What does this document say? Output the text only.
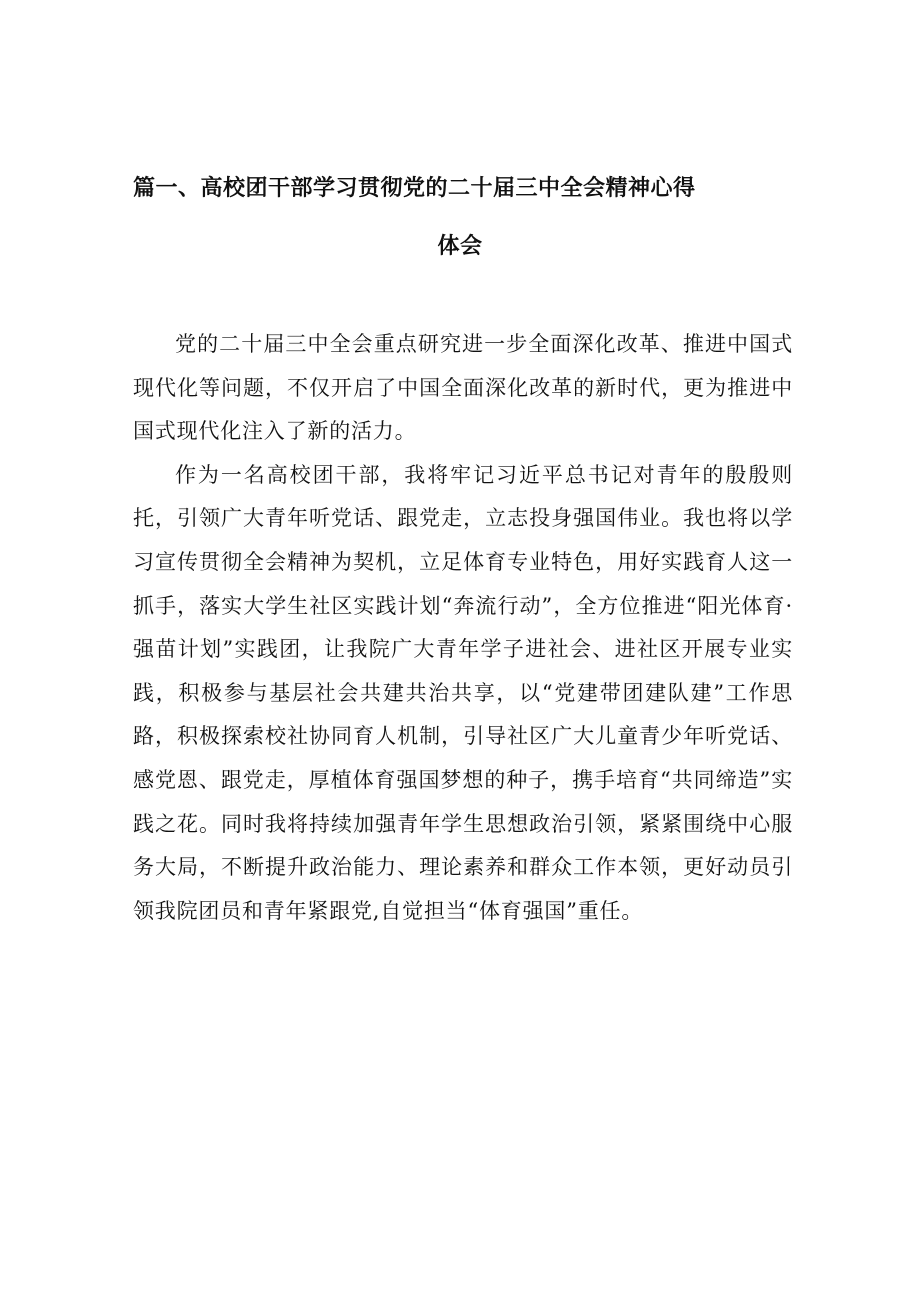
篇一、高校团干部学习贯彻党的二十届三中全会精神心得
体会

党的二十届三中全会重点研究进一步全面深化改革、推进中国式现代化等问题，不仅开启了中国全面深化改革的新时代，更为推进中国式现代化注入了新的活力。

作为一名高校团干部，我将牢记习近平总书记对青年的殷殷则托，引领广大青年听党话、跟党走，立志投身强国伟业。我也将以学习宣传贯彻全会精神为契机，立足体育专业特色，用好实践育人这一抓手，落实大学生社区实践计划“奔流行动”，全方位推进“阳光体育·强苗计划”实践团，让我院广大青年学子进社会、进社区开展专业实践，积极参与基层社会共建共治共享，以“党建带团建队建”工作思路，积极探索校社协同育人机制，引导社区广大儿童青少年听党话、感党恩、跟党走，厚植体育强国梦想的种子，携手培育“共同缔造”实践之花。同时我将持续加强青年学生思想政治引领，紧紧围绕中心服务大局，不断提升政治能力、理论素养和群众工作本领，更好动员引领我院团员和青年紧跟党,自觉担当“体育强国”重任。
